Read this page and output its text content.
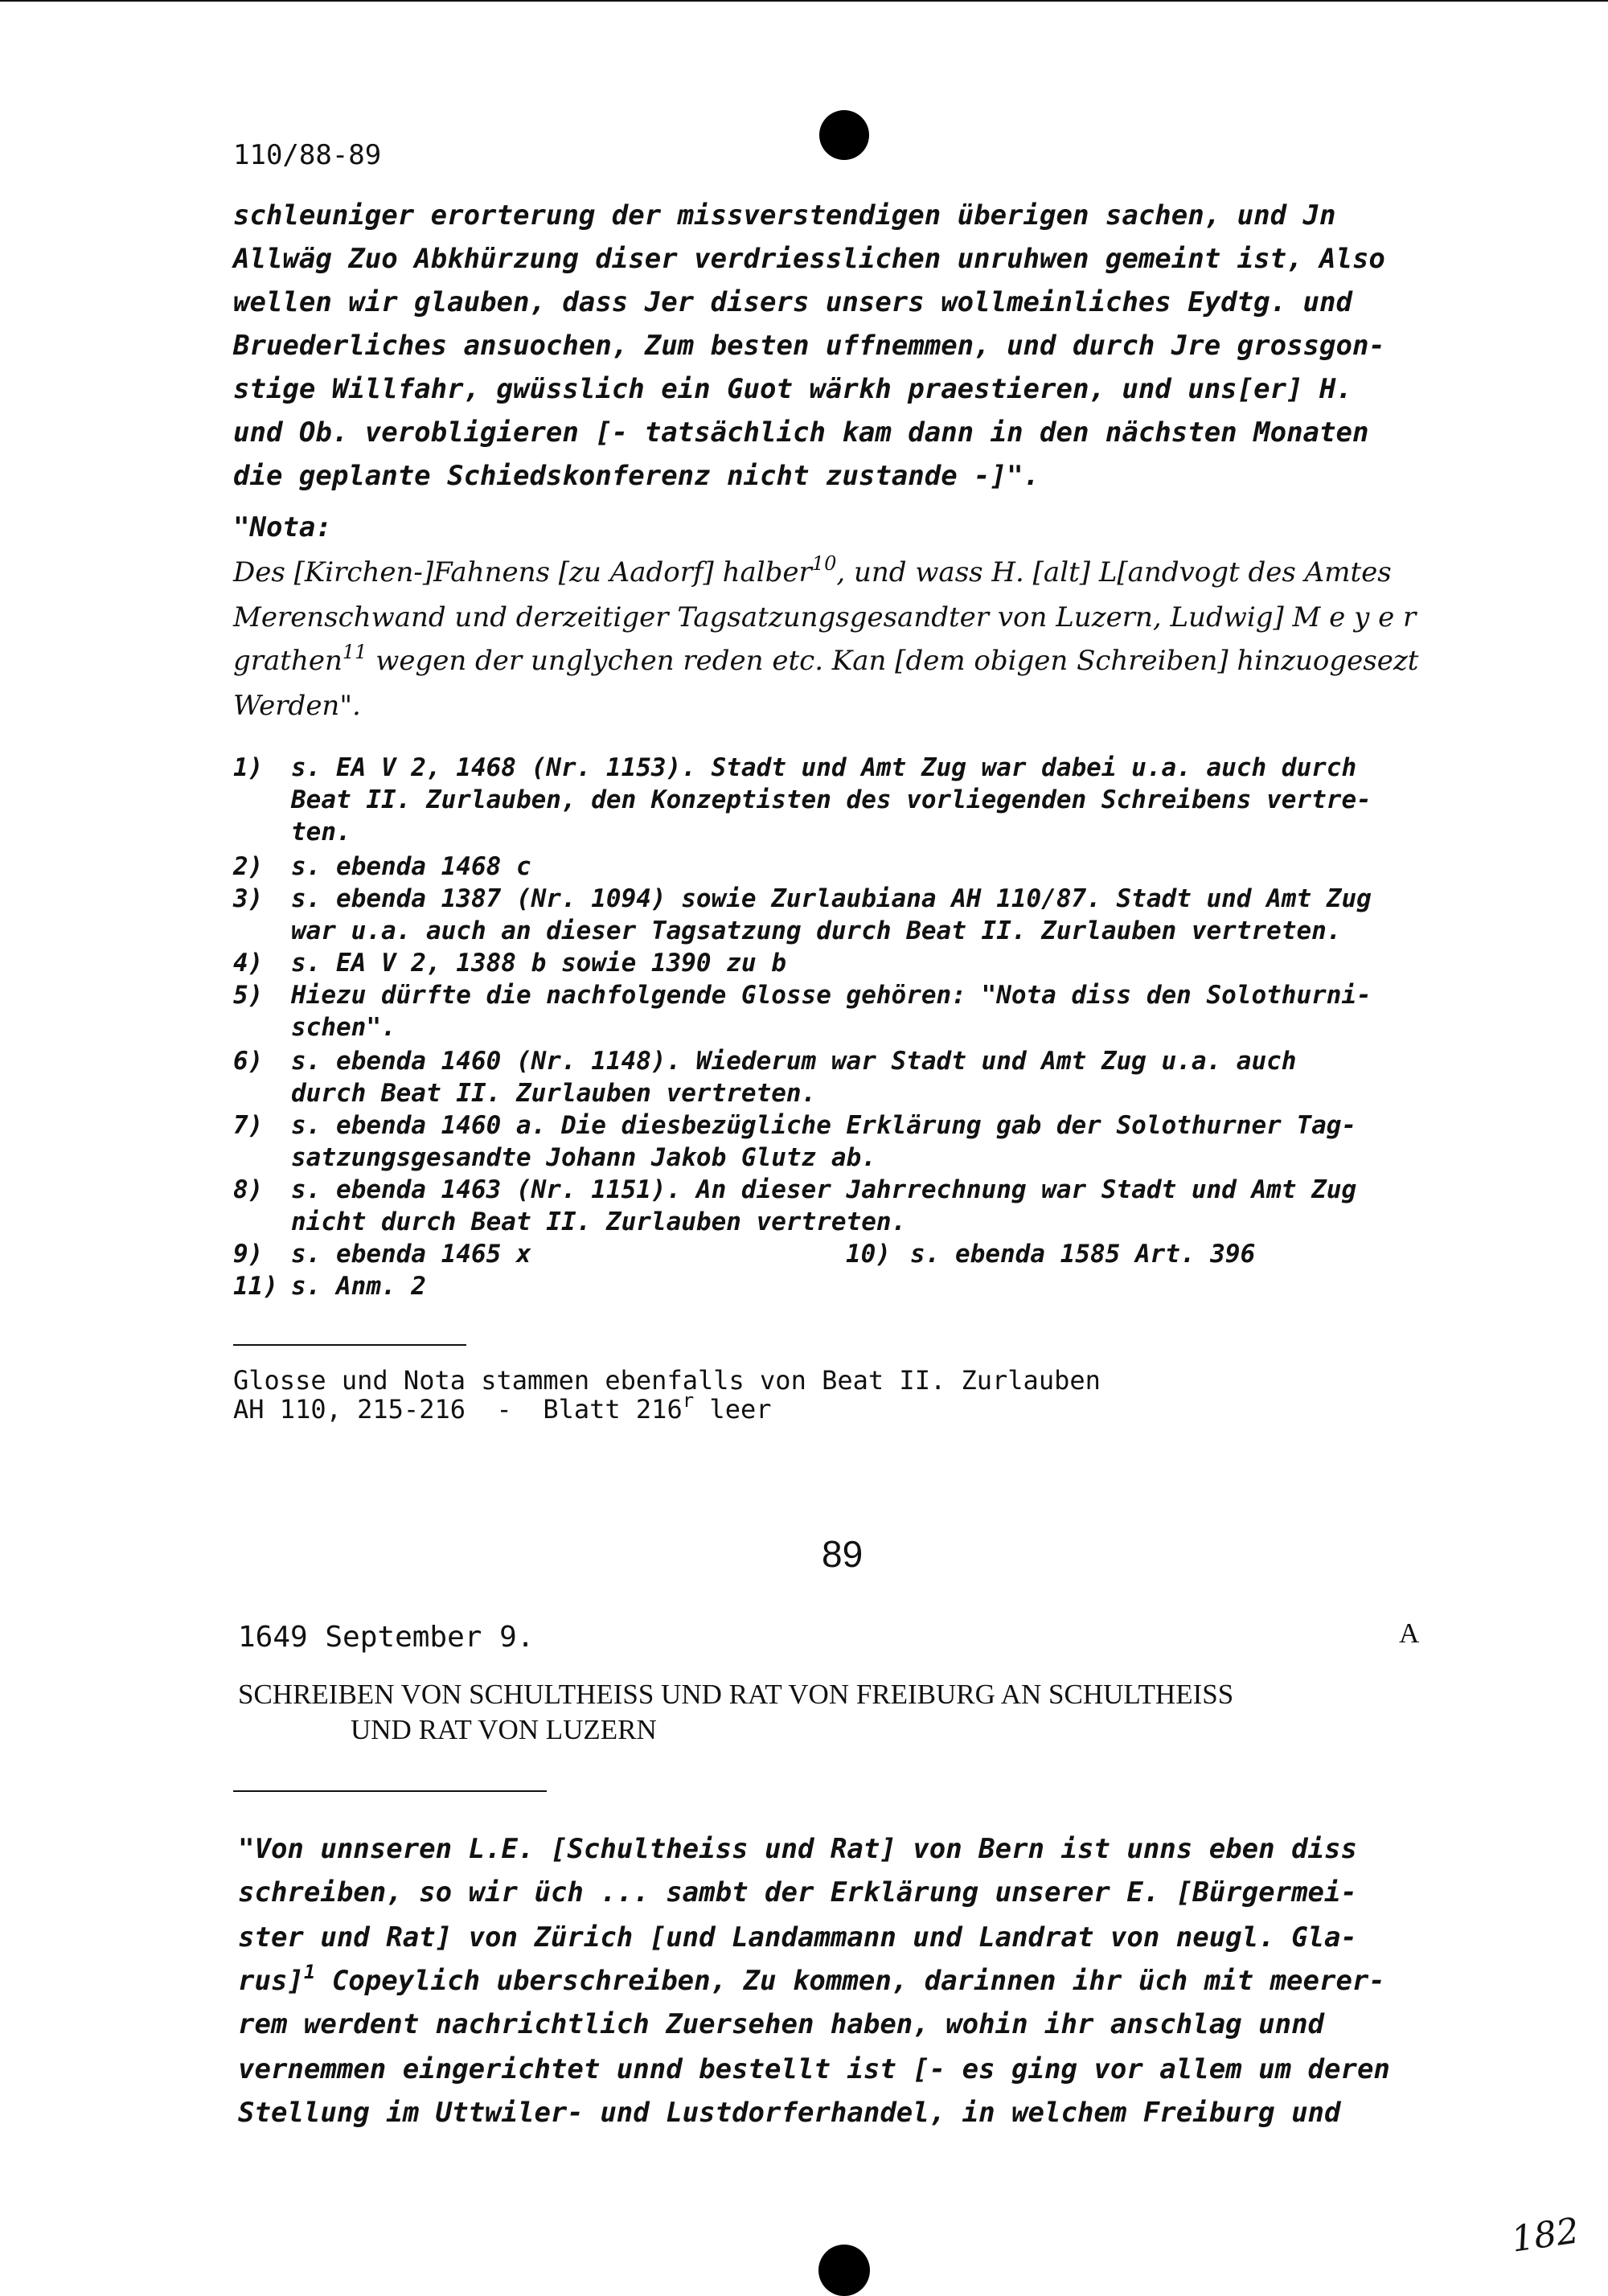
110/88-89
schleuniger erorterung der missverstendigen überigen sachen, und Jn
Allwäg Zuo Abkhürzung diser verdriesslichen unruhwen gemeint ist, Also
wellen wir glauben, dass Jer disers unsers wollmeinliches Eydtg. und
Bruederliches ansuochen, Zum besten uffnemmen, und durch Jre grossgon-
stige Willfahr, gwüsslich ein Guot wärkh praestieren, und uns[er] H.
und Ob. verobligieren [- tatsächlich kam dann in den nächsten Monaten
die geplante Schiedskonferenz nicht zustande -]".
"Nota:
Des [Kirchen-]Fahnens [zu Aadorf] halber$^{10}$, und wass H. [alt] L[andvogt des Amtes
Merenschwand und derzeitiger Tagsatzungsgesandter von Luzern, Ludwig] M e y e r
grathen$^{11}$ wegen der unglychen reden etc. Kan [dem obigen Schreiben] hinzuogesezt
Werden".
1) s. EA V 2, 1468 (Nr. 1153). Stadt und Amt Zug war dabei u.a. auch durch
Beat II. Zurlauben, den Konzeptisten des vorliegenden Schreibens vertre-
ten.
2) s. ebenda 1468 c
3) s. ebenda 1387 (Nr. 1094) sowie Zurlaubiana AH 110/87. Stadt und Amt Zug
war u.a. auch an dieser Tagsatzung durch Beat II. Zurlauben vertreten.
4) s. EA V 2, 1388 b sowie 1390 zu b
5) Hiezu dürfte die nachfolgende Glosse gehören: "Nota diss den Solothurni-
schen".
6) s. ebenda 1460 (Nr. 1148). Wiederum war Stadt und Amt Zug u.a. auch
durch Beat II. Zurlauben vertreten.
7) s. ebenda 1460 a. Die diesbezügliche Erklärung gab der Solothurner Tag-
satzungsgesandte Johann Jakob Glutz ab.
8) s. ebenda 1463 (Nr. 1151). An dieser Jahrrechnung war Stadt und Amt Zug
nicht durch Beat II. Zurlauben vertreten.
9) s. ebenda 1465 x	10) s. ebenda 1585 Art. 396
11) s. Anm. 2
Glosse und Nota stammen ebenfalls von Beat II. Zurlauben
AH 110, 215-216  -  Blatt 216$^r$ leer
89
1649 September 9.	A
SCHREIBEN VON SCHULTHEISS UND RAT VON FREIBURG AN SCHULTHEISS
UND RAT VON LUZERN
"Von unnseren L.E. [Schultheiss und Rat] von Bern ist unns eben diss
schreiben, so wir üch ... sambt der Erklärung unserer E. [Bürgermei-
ster und Rat] von Zürich [und Landammann und Landrat von neugl. Gla-
rus]$^1$ Copeylich uberschreiben, Zu kommen, darinnen ihr üch mit meerer-
rem werdent nachrichtlich Zuersehen haben, wohin ihr anschlag unnd
vernemmen eingerichtet unnd bestellt ist [- es ging vor allem um deren
Stellung im Uttwiler- und Lustdorferhandel, in welchem Freiburg und
182
